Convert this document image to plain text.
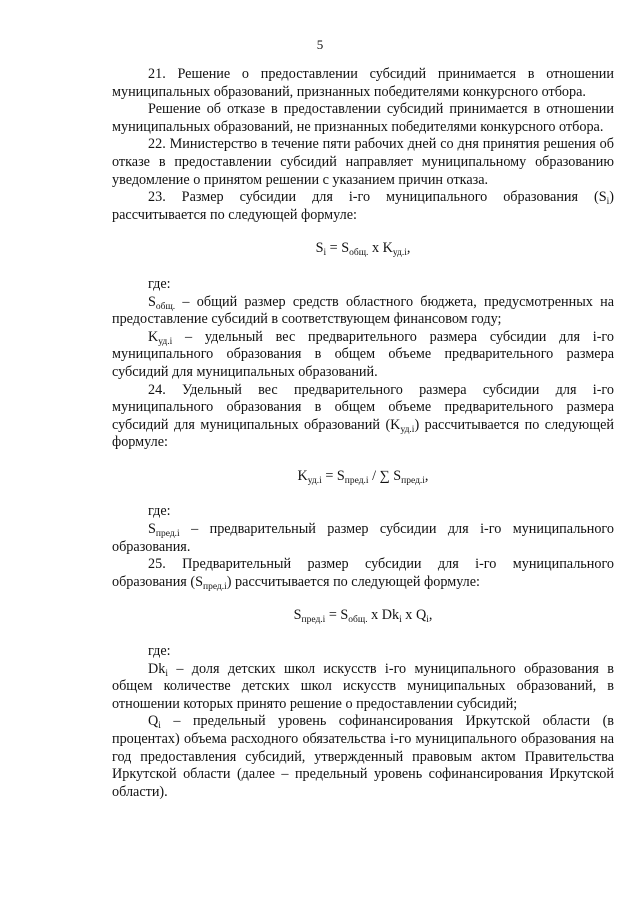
5

21. Решение о предоставлении субсидий принимается в отношении муниципальных образований, признанных победителями конкурсного отбора.

Решение об отказе в предоставлении субсидий принимается в отношении муниципальных образований, не признанных победителями конкурсного отбора.

22. Министерство в течение пяти рабочих дней со дня принятия решения об отказе в предоставлении субсидий направляет муниципальному образованию уведомление о принятом решении с указанием причин отказа.

23. Размер субсидии для i-го муниципального образования $(S_i)$ рассчитывается по следующей формуле:

$S_i = S_{общ.}$ x $K_{уд.i}$,

где:

$S_{общ.}$ – общий размер средств областного бюджета, предусмотренных на предоставление субсидий в соответствующем финансовом году;

$K_{уд.i}$ – удельный вес предварительного размера субсидии для i-го муниципального образования в общем объеме предварительного размера субсидий для муниципальных образований.

24. Удельный вес предварительного размера субсидии для i-го муниципального образования в общем объеме предварительного размера субсидий для муниципальных образований $(K_{уд.i})$ рассчитывается по следующей формуле:

$K_{уд.i} = S_{пред.i}$ / ∑ $S_{пред.i}$,

где:

$S_{пред.i}$ – предварительный размер субсидии для i-го муниципального образования.

25. Предварительный размер субсидии для i-го муниципального образования $(S_{пред.i})$ рассчитывается по следующей формуле:

$S_{пред.i} = S_{общ.}$ x $Dk_i$ x $Q_i$,

где:

$Dk_i$ – доля детских школ искусств i-го муниципального образования в общем количестве детских школ искусств муниципальных образований, в отношении которых принято решение о предоставлении субсидий;

$Q_i$ – предельный уровень софинансирования Иркутской области (в процентах) объема расходного обязательства i-го муниципального образования на год предоставления субсидий, утвержденный правовым актом Правительства Иркутской области (далее – предельный уровень софинансирования Иркутской области).
